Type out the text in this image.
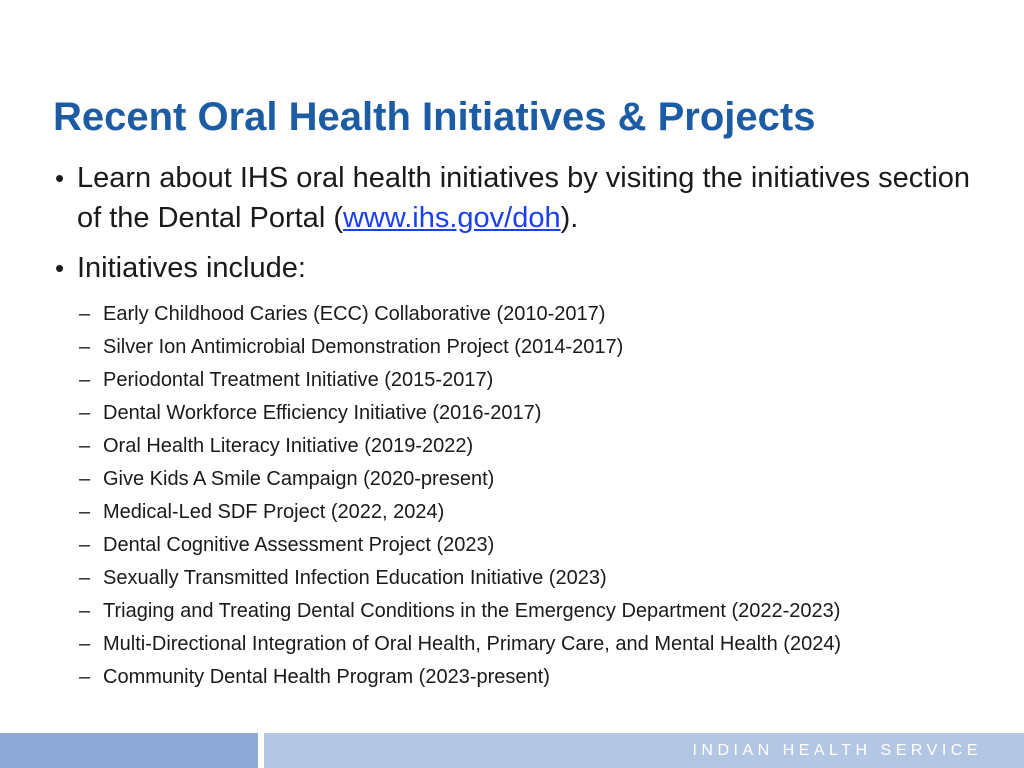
Recent Oral Health Initiatives & Projects
• Learn about IHS oral health initiatives by visiting the initiatives section of the Dental Portal (www.ihs.gov/doh).
• Initiatives include:
– Early Childhood Caries (ECC) Collaborative (2010-2017)
– Silver Ion Antimicrobial Demonstration Project (2014-2017)
– Periodontal Treatment Initiative (2015-2017)
– Dental Workforce Efficiency Initiative (2016-2017)
– Oral Health Literacy Initiative (2019-2022)
– Give Kids A Smile Campaign (2020-present)
– Medical-Led SDF Project (2022, 2024)
– Dental Cognitive Assessment Project (2023)
– Sexually Transmitted Infection Education Initiative (2023)
– Triaging and Treating Dental Conditions in the Emergency Department (2022-2023)
– Multi-Directional Integration of Oral Health, Primary Care, and Mental Health (2024)
– Community Dental Health Program (2023-present)
INDIAN HEALTH SERVICE
